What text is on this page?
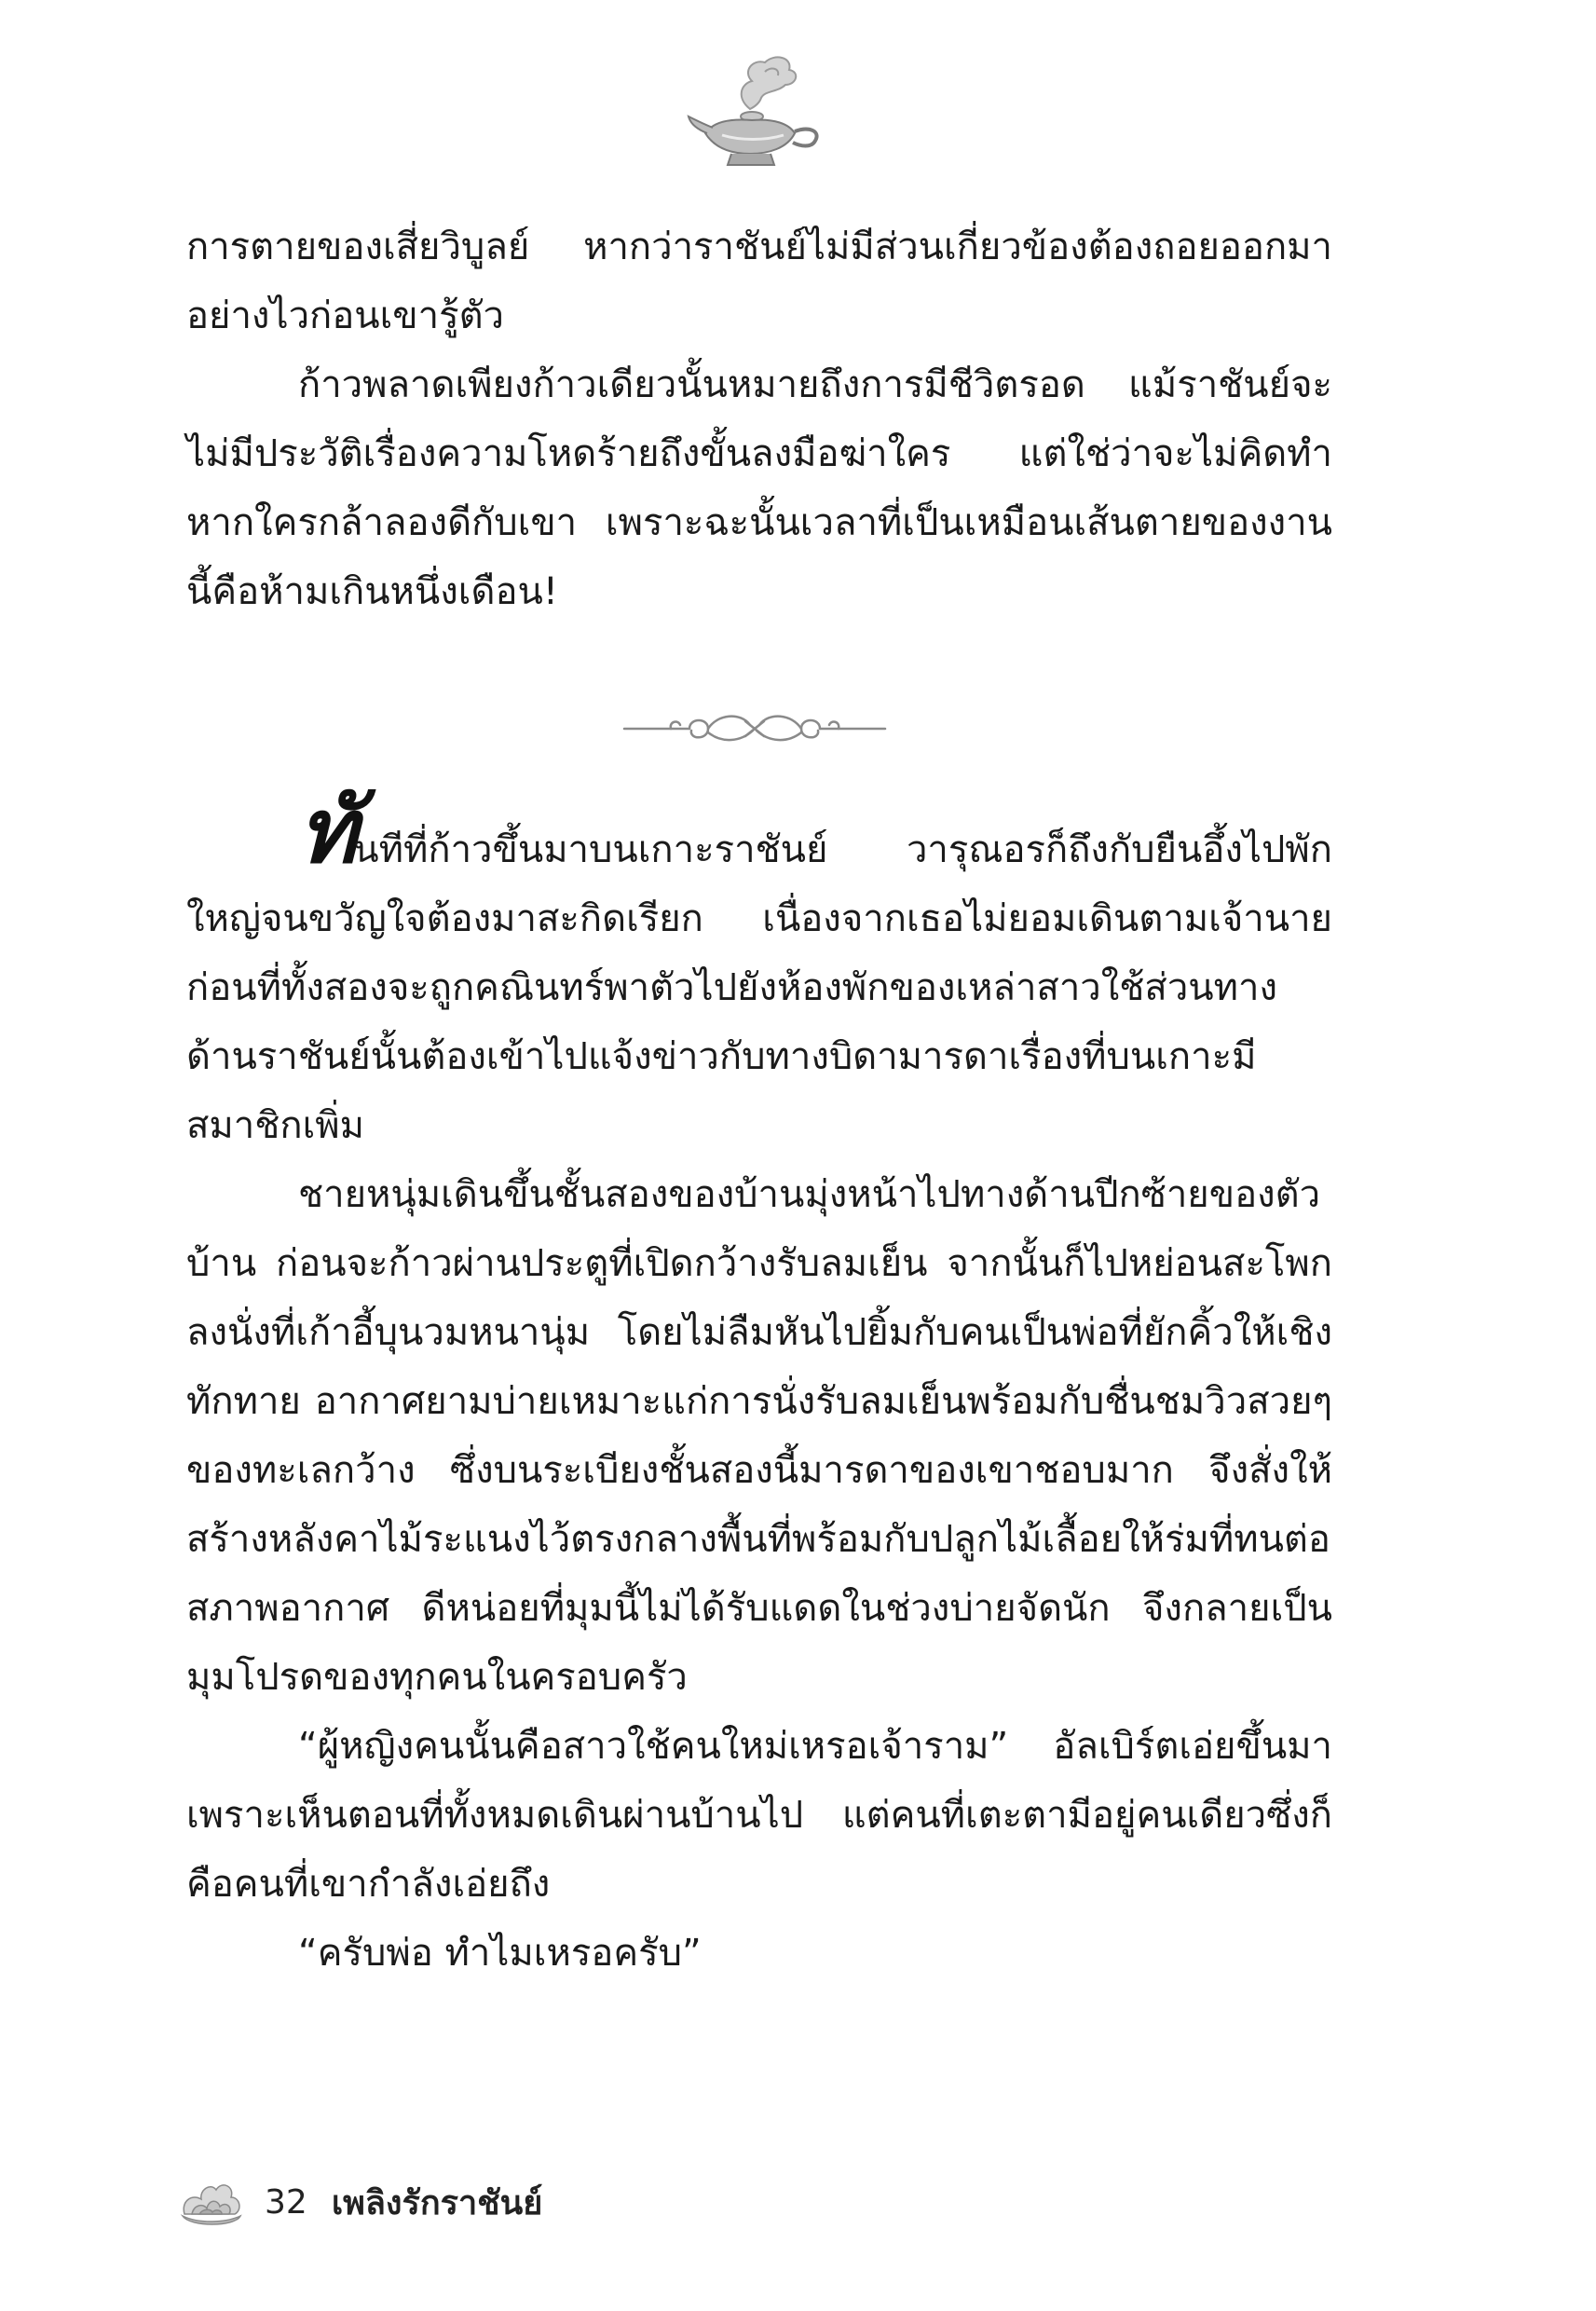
การตายของเสี่ยวิบูลย์ หากว่าราชันย์ไม่มีส่วนเกี่ยวข้องต้องถอยออกมาอย่างไวก่อนเขารู้ตัว

ก้าวพลาดเพียงก้าวเดียวนั้นหมายถึงการมีชีวิตรอด แม้ราชันย์จะไม่มีประวัติเรื่องความโหดร้ายถึงขั้นลงมือฆ่าใคร แต่ใช่ว่าจะไม่คิดทำหากใครกล้าลองดีกับเขา เพราะฉะนั้นเวลาที่เป็นเหมือนเส้นตายของงานนี้คือห้ามเกินหนึ่งเดือน!

ทันทีที่ก้าวขึ้นมาบนเกาะราชันย์ วารุณอรก็ถึงกับยืนอึ้งไปพักใหญ่จนขวัญใจต้องมาสะกิดเรียก เนื่องจากเธอไม่ยอมเดินตามเจ้านาย ก่อนที่ทั้งสองจะถูกคณินทร์พาตัวไปยังห้องพักของเหล่าสาวใช้ส่วนทางด้านราชันย์นั้นต้องเข้าไปแจ้งข่าวกับทางบิดามารดาเรื่องที่บนเกาะมีสมาชิกเพิ่ม

ชายหนุ่มเดินขึ้นชั้นสองของบ้านมุ่งหน้าไปทางด้านปีกซ้ายของตัวบ้าน ก่อนจะก้าวผ่านประตูที่เปิดกว้างรับลมเย็น จากนั้นก็ไปหย่อนสะโพกลงนั่งที่เก้าอี้บุนวมหนานุ่ม โดยไม่ลืมหันไปยิ้มกับคนเป็นพ่อที่ยักคิ้วให้เชิงทักทาย อากาศยามบ่ายเหมาะแก่การนั่งรับลมเย็นพร้อมกับชื่นชมวิวสวยๆ ของทะเลกว้าง ซึ่งบนระเบียงชั้นสองนี้มารดาของเขาชอบมาก จึงสั่งให้สร้างหลังคาไม้ระแนงไว้ตรงกลางพื้นที่พร้อมกับปลูกไม้เลื้อยให้ร่มที่ทนต่อสภาพอากาศ ดีหน่อยที่มุมนี้ไม่ได้รับแดดในช่วงบ่ายจัดนัก จึงกลายเป็นมุมโปรดของทุกคนในครอบครัว

“ผู้หญิงคนนั้นคือสาวใช้คนใหม่เหรอเจ้าราม” อัลเบิร์ตเอ่ยขึ้นมาเพราะเห็นตอนที่ทั้งหมดเดินผ่านบ้านไป แต่คนที่เตะตามีอยู่คนเดียวซึ่งก็คือคนที่เขากำลังเอ่ยถึง

“ครับพ่อ ทำไมเหรอครับ”

32 เพลิงรักราชันย์
